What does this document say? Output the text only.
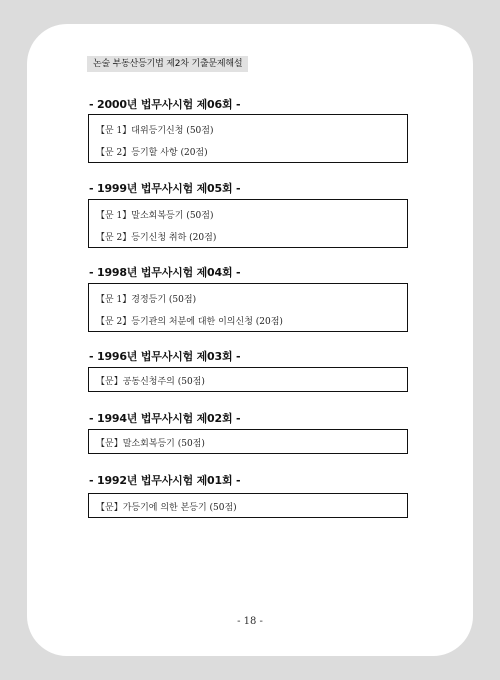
논술 부동산등기법 제2차 기출문제해설
- 2000년 법무사시험 제06회 -
【문 1】대위등기신청 (50점)
【문 2】등기할 사항 (20점)
- 1999년 법무사시험 제05회 -
【문 1】말소회복등기 (50점)
【문 2】등기신청 취하 (20점)
- 1998년 법무사시험 제04회 -
【문 1】경정등기 (50점)
【문 2】등기관의 처분에 대한 이의신청 (20점)
- 1996년 법무사시험 제03회 -
【문】공동신청주의 (50점)
- 1994년 법무사시험 제02회 -
【문】말소회복등기 (50점)
- 1992년 법무사시험 제01회 -
【문】가등기에 의한 본등기 (50점)
- 18 -
